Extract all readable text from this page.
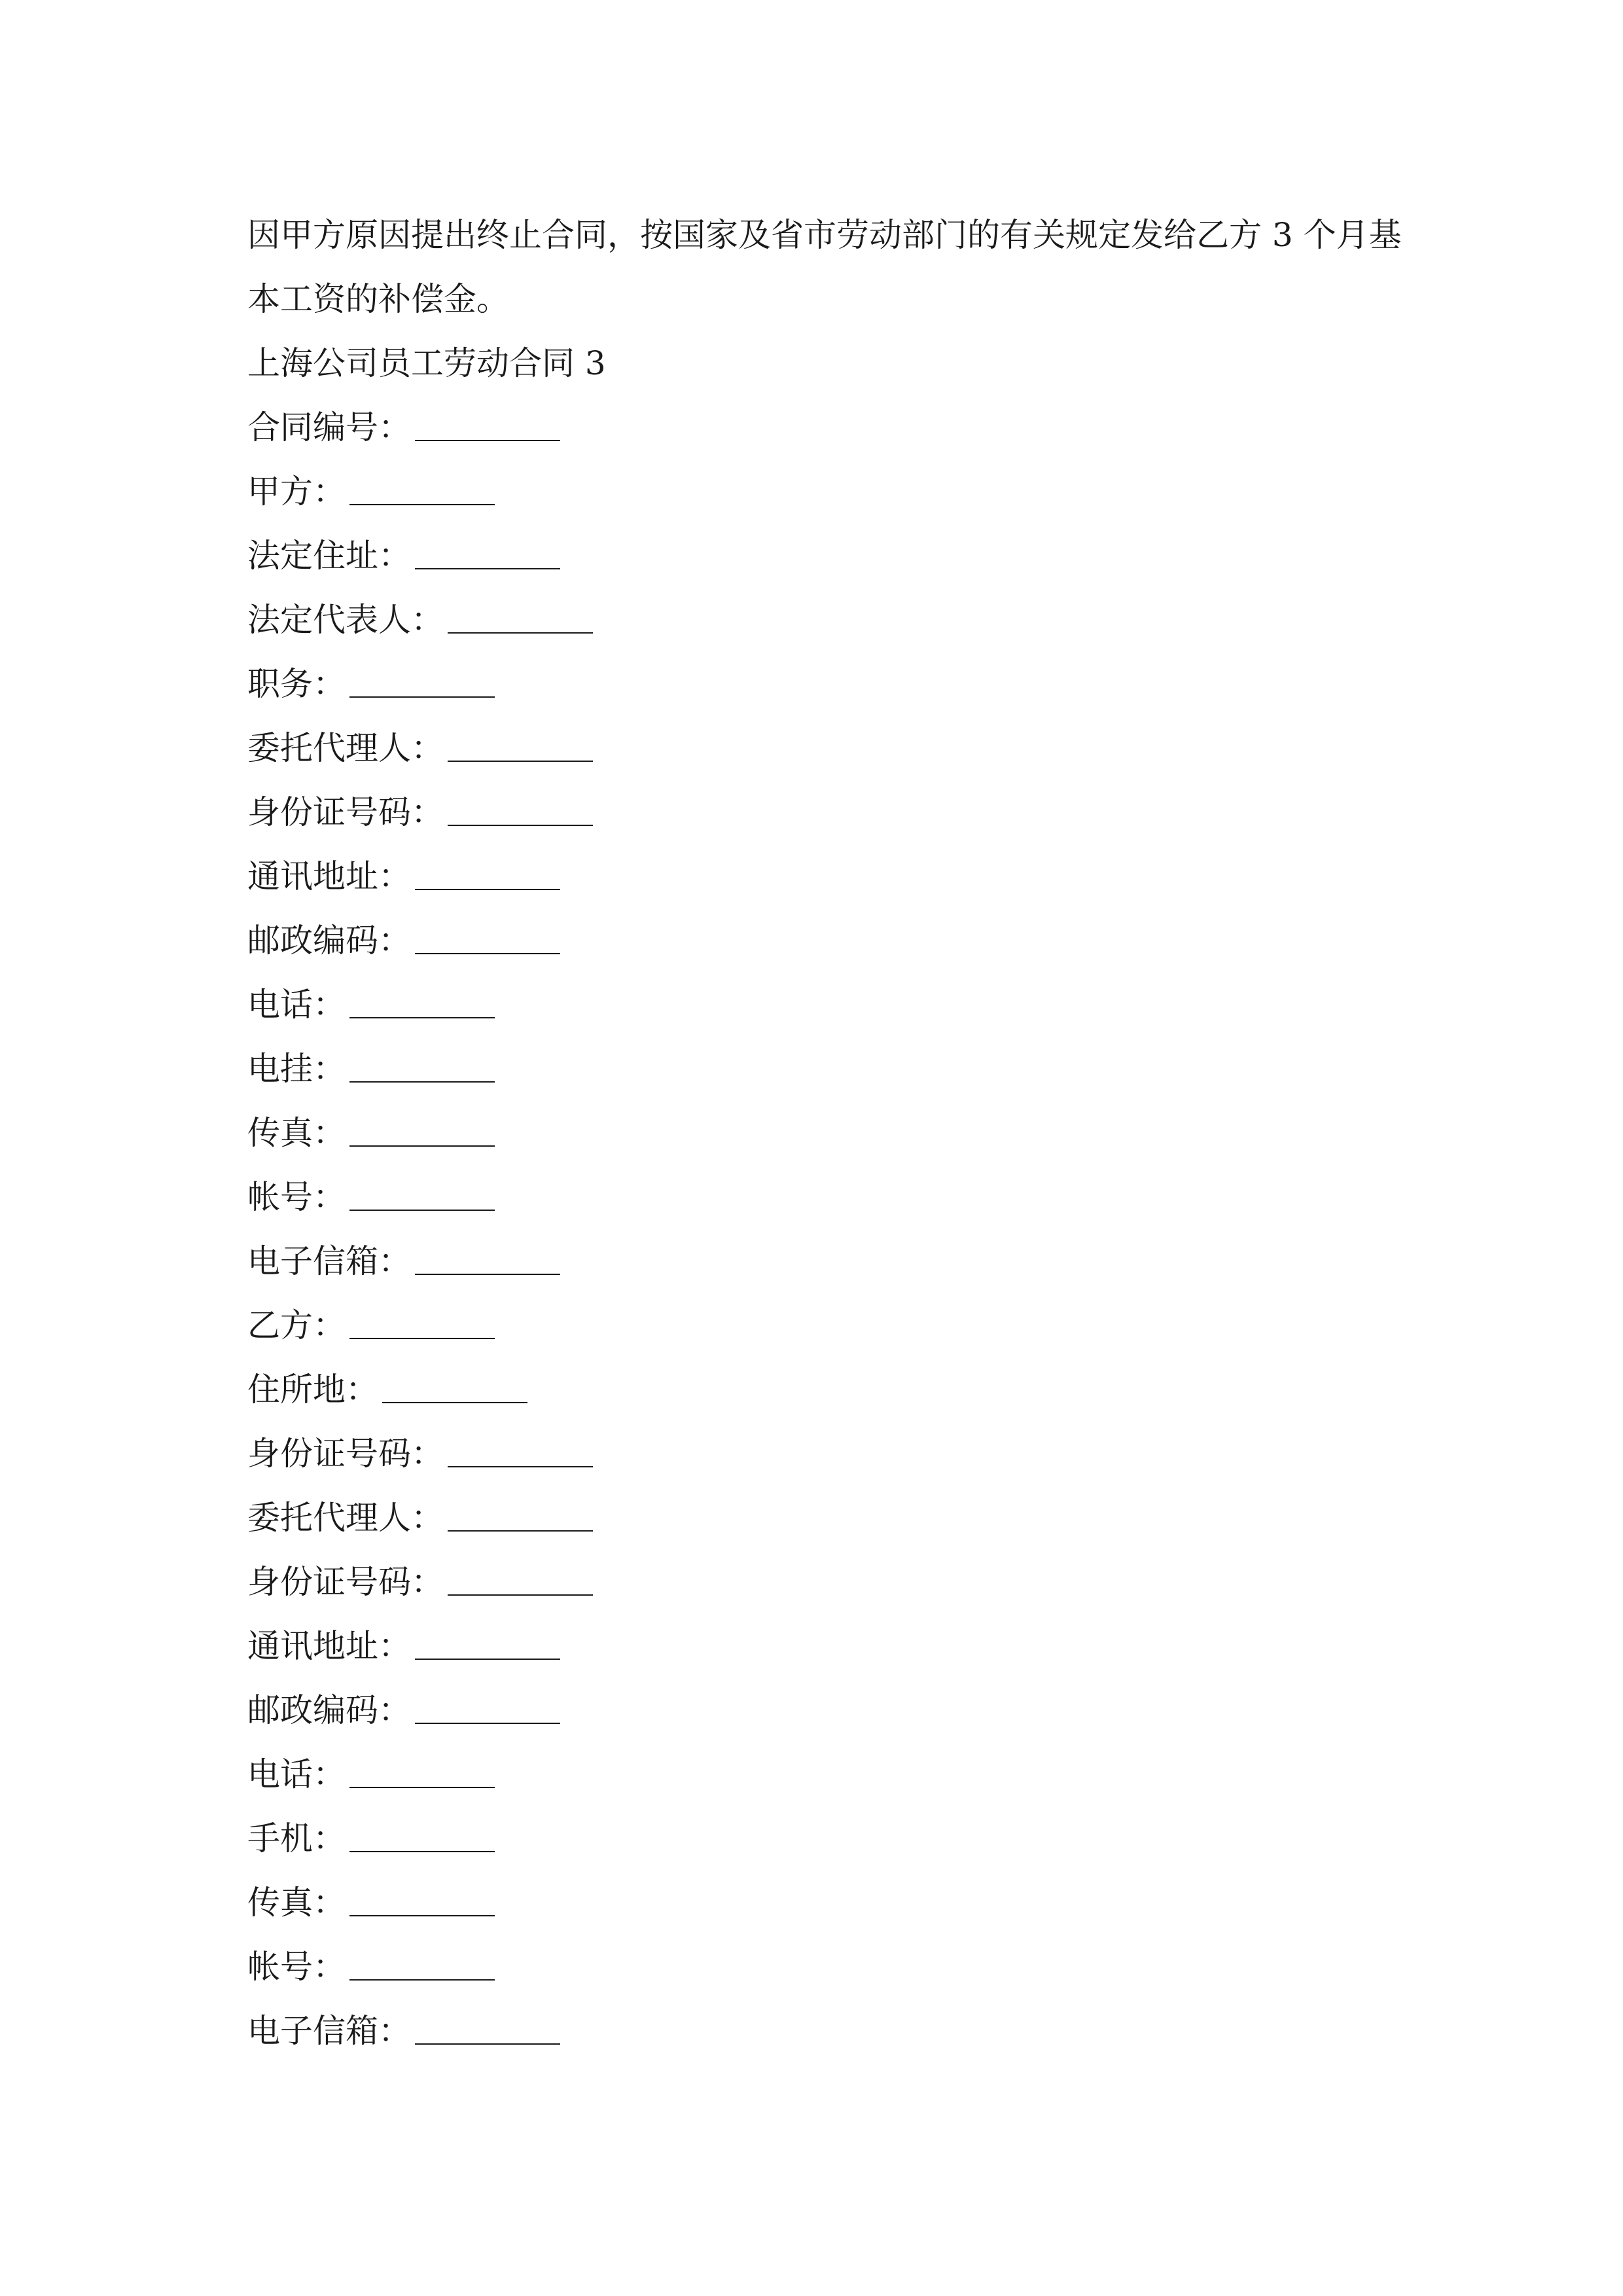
因甲方原因提出终止合同，按国家及省市劳动部门的有关规定发给乙方 3 个月基

本工资的补偿金。

上海公司员工劳动合同 3

合同编号：
甲方：
法定住址：
法定代表人：
职务：
委托代理人：
身份证号码：
通讯地址：
邮政编码：
电话：
电挂：
传真：
帐号：
电子信箱：
乙方：
住所地：
身份证号码：
委托代理人：
身份证号码：
通讯地址：
邮政编码：
电话：
手机：
传真：
帐号：
电子信箱：
